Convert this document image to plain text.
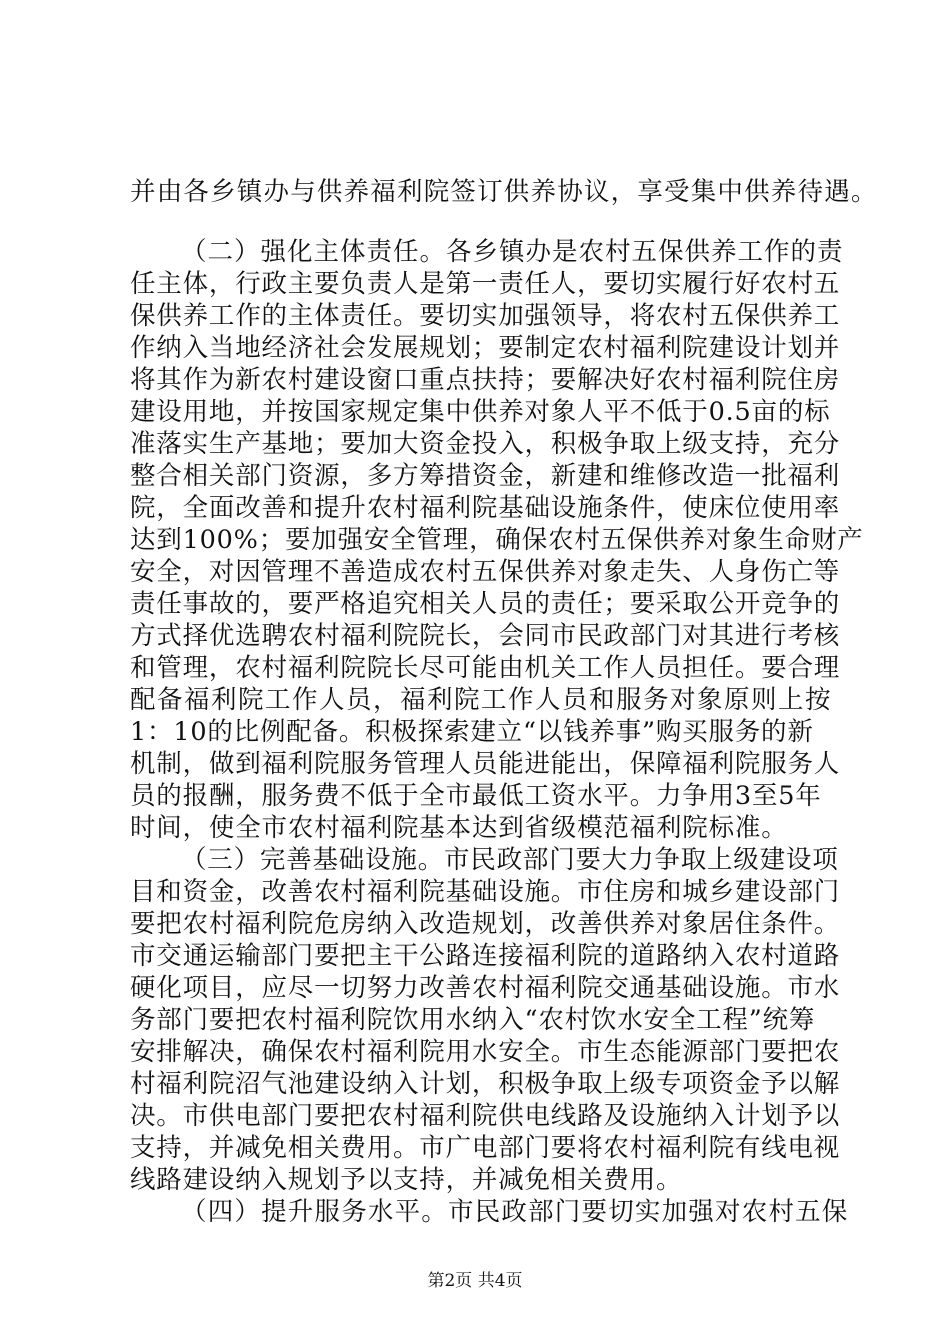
并由各乡镇办与供养福利院签订供养协议，享受集中供养待遇。
（二）强化主体责任。各乡镇办是农村五保供养工作的责
任主体，行政主要负责人是第一责任人，要切实履行好农村五
保供养工作的主体责任。要切实加强领导，将农村五保供养工
作纳入当地经济社会发展规划；要制定农村福利院建设计划并
将其作为新农村建设窗口重点扶持；要解决好农村福利院住房
建设用地，并按国家规定集中供养对象人平不低于0.5亩的标
准落实生产基地；要加大资金投入，积极争取上级支持，充分
整合相关部门资源，多方筹措资金，新建和维修改造一批福利
院，全面改善和提升农村福利院基础设施条件，使床位使用率
达到100%；要加强安全管理，确保农村五保供养对象生命财产
安全，对因管理不善造成农村五保供养对象走失、人身伤亡等
责任事故的，要严格追究相关人员的责任；要采取公开竞争的
方式择优选聘农村福利院院长，会同市民政部门对其进行考核
和管理，农村福利院院长尽可能由机关工作人员担任。要合理
配备福利院工作人员，福利院工作人员和服务对象原则上按
1：10的比例配备。积极探索建立“以钱养事”购买服务的新
机制，做到福利院服务管理人员能进能出，保障福利院服务人
员的报酬，服务费不低于全市最低工资水平。力争用3至5年
时间，使全市农村福利院基本达到省级模范福利院标准。
（三）完善基础设施。市民政部门要大力争取上级建设项
目和资金，改善农村福利院基础设施。市住房和城乡建设部门
要把农村福利院危房纳入改造规划，改善供养对象居住条件。
市交通运输部门要把主干公路连接福利院的道路纳入农村道路
硬化项目，应尽一切努力改善农村福利院交通基础设施。市水
务部门要把农村福利院饮用水纳入“农村饮水安全工程”统筹
安排解决，确保农村福利院用水安全。市生态能源部门要把农
村福利院沼气池建设纳入计划，积极争取上级专项资金予以解
决。市供电部门要把农村福利院供电线路及设施纳入计划予以
支持，并减免相关费用。市广电部门要将农村福利院有线电视
线路建设纳入规划予以支持，并减免相关费用。
（四）提升服务水平。市民政部门要切实加强对农村五保
第2页 共4页
